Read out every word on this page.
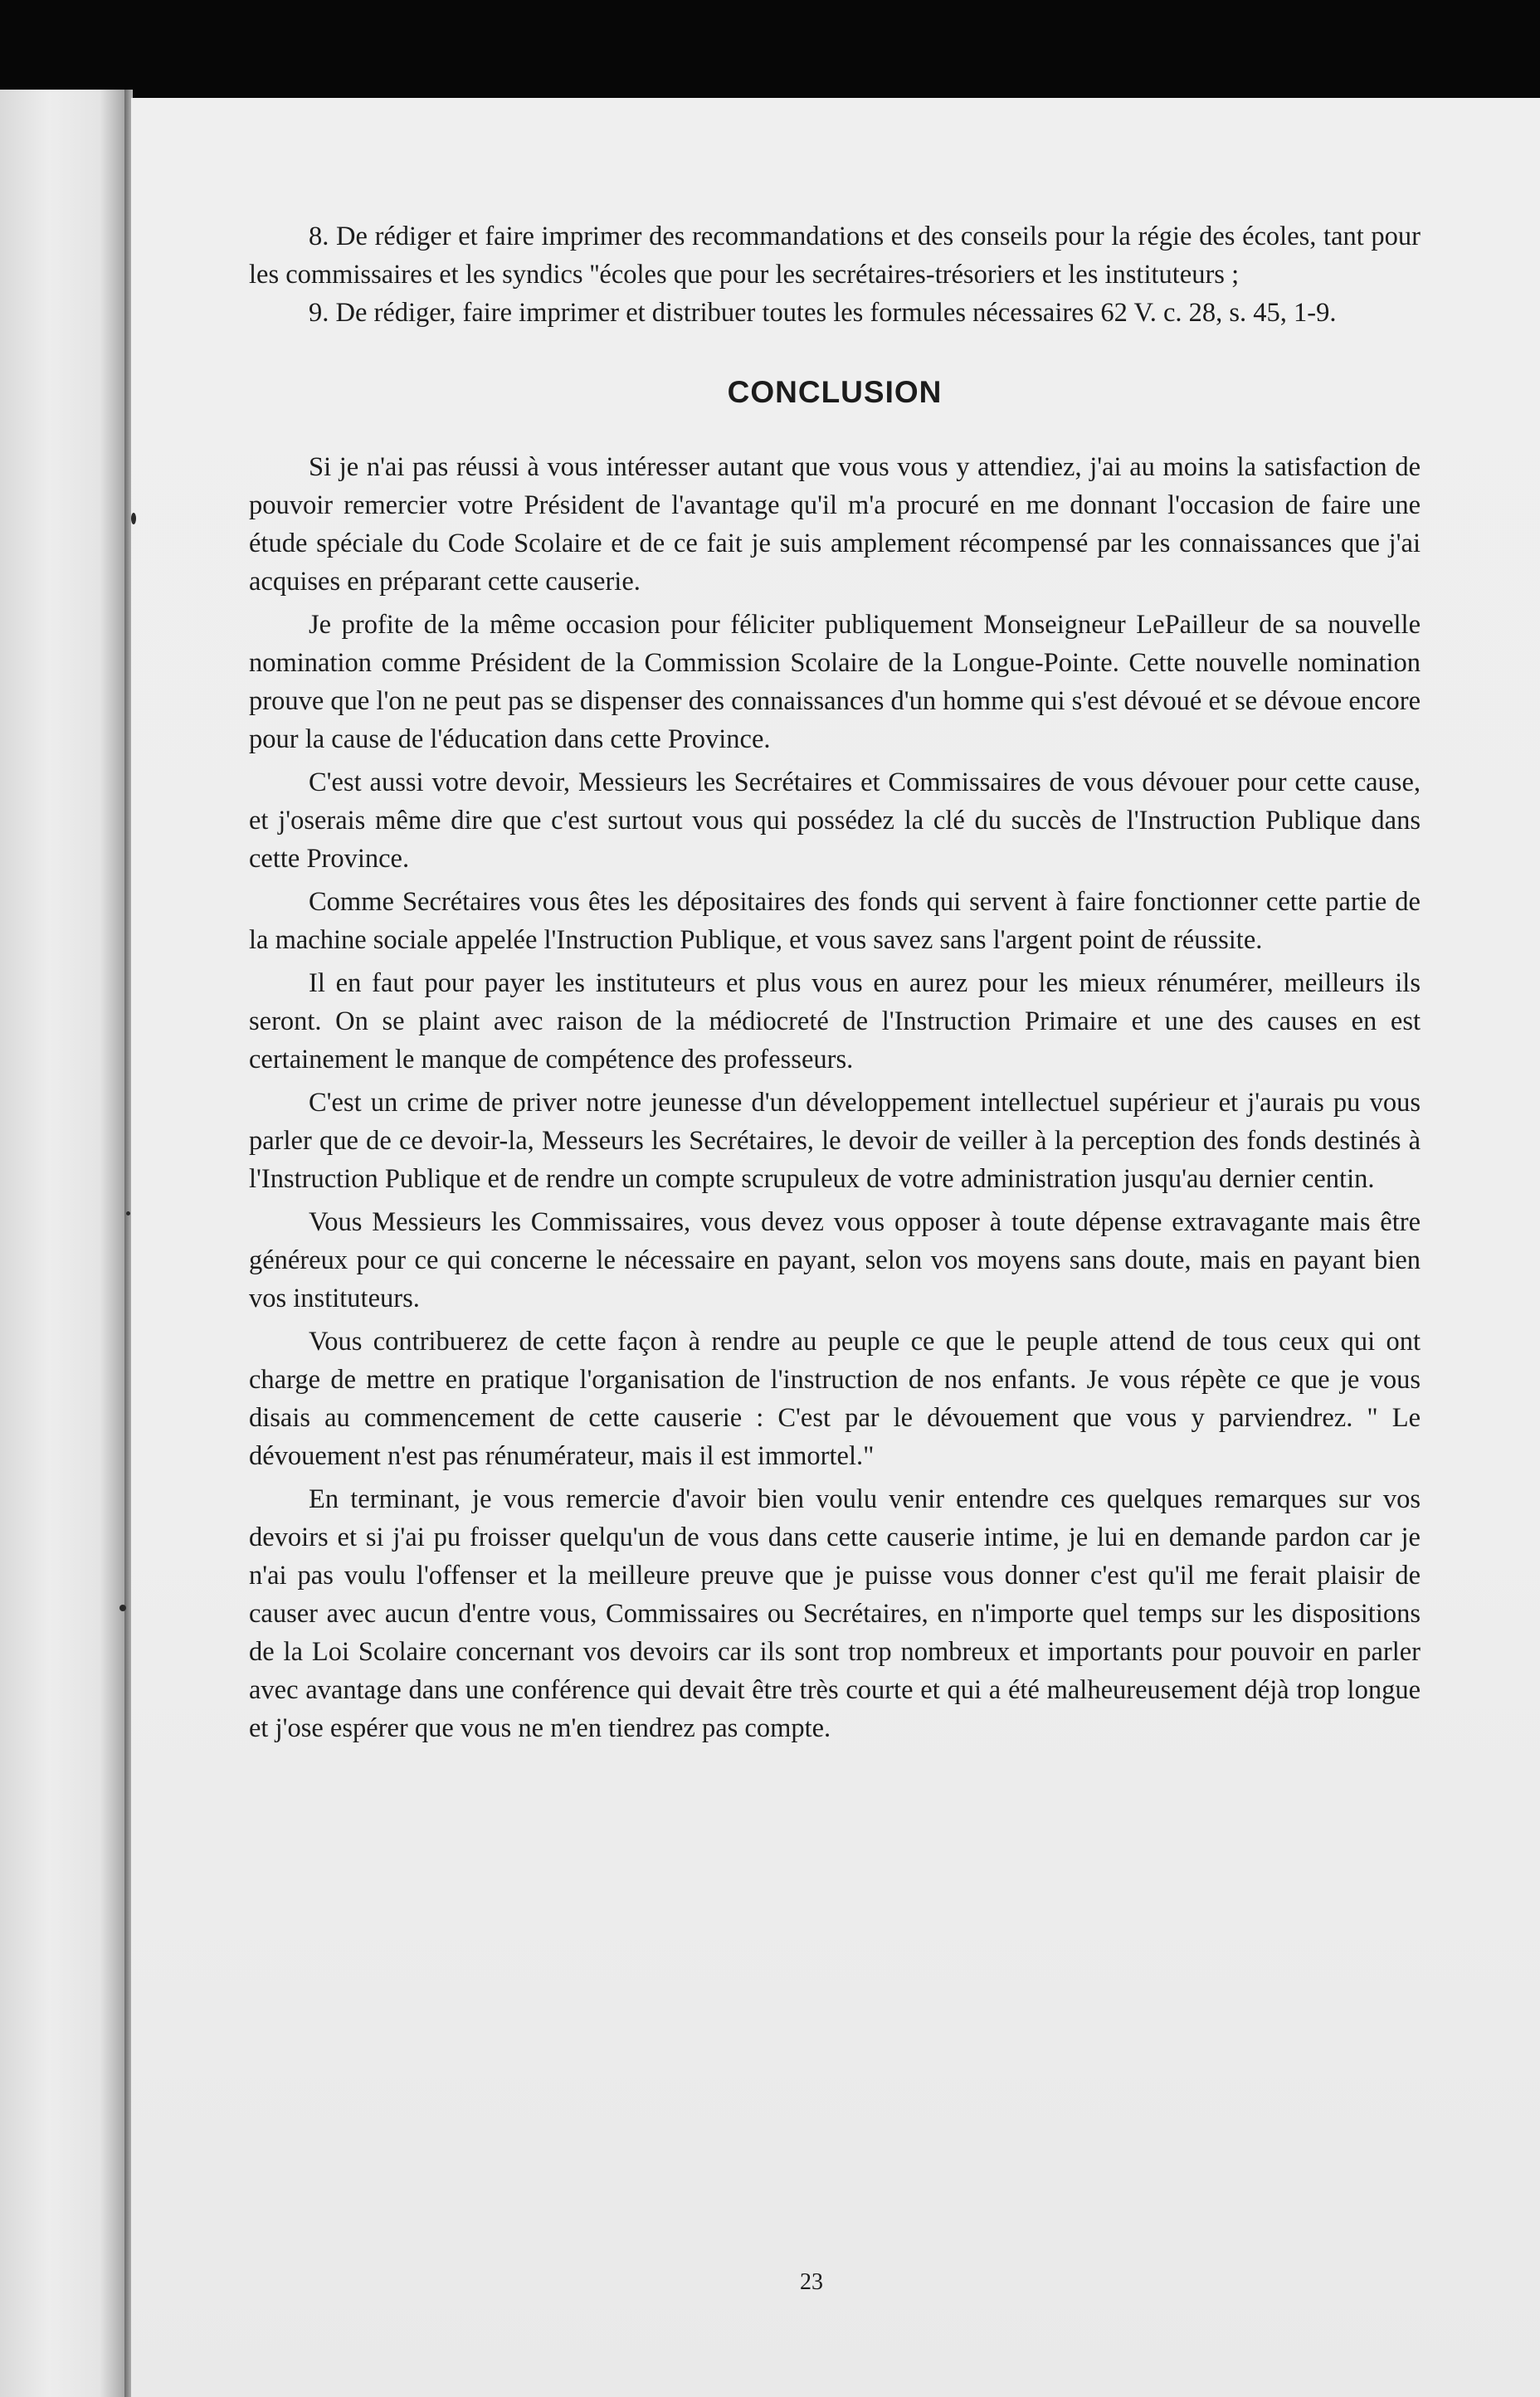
8. De rédiger et faire imprimer des recommandations et des conseils pour la régie des écoles, tant pour les commissaires et les syndics ''écoles que pour les secrétaires-trésoriers et les instituteurs ;

9. De rédiger, faire imprimer et distribuer toutes les formules nécessaires 62 V. c. 28, s. 45, 1-9.

CONCLUSION

Si je n'ai pas réussi à vous intéresser autant que vous vous y attendiez, j'ai au moins la satisfaction de pouvoir remercier votre Président de l'avantage qu'il m'a procuré en me donnant l'occasion de faire une étude spéciale du Code Scolaire et de ce fait je suis amplement récompensé par les connaissances que j'ai acquises en préparant cette causerie.

Je profite de la même occasion pour féliciter publiquement Monseigneur LePailleur de sa nouvelle nomination comme Président de la Commission Scolaire de la Longue-Pointe. Cette nouvelle nomination prouve que l'on ne peut pas se dispenser des connaissances d'un homme qui s'est dévoué et se dévoue encore pour la cause de l'éducation dans cette Province.

C'est aussi votre devoir, Messieurs les Secrétaires et Commissaires de vous dévouer pour cette cause, et j'oserais même dire que c'est surtout vous qui possédez la clé du succès de l'Instruction Publique dans cette Province.

Comme Secrétaires vous êtes les dépositaires des fonds qui servent à faire fonctionner cette partie de la machine sociale appelée l'Instruction Publique, et vous savez sans l'argent point de réussite.

Il en faut pour payer les instituteurs et plus vous en aurez pour les mieux rénumérer, meilleurs ils seront. On se plaint avec raison de la médiocreté de l'Instruction Primaire et une des causes en est certainement le manque de compétence des professeurs.

C'est un crime de priver notre jeunesse d'un développement intellectuel supérieur et j'aurais pu vous parler que de ce devoir-la, Messeurs les Secrétaires, le devoir de veiller à la perception des fonds destinés à l'Instruction Publique et de rendre un compte scrupuleux de votre administration jusqu'au dernier centin.

Vous Messieurs les Commissaires, vous devez vous opposer à toute dépense extravagante mais être généreux pour ce qui concerne le nécessaire en payant, selon vos moyens sans doute, mais en payant bien vos instituteurs.

Vous contribuerez de cette façon à rendre au peuple ce que le peuple attend de tous ceux qui ont charge de mettre en pratique l'organisation de l'instruction de nos enfants. Je vous répète ce que je vous disais au commencement de cette causerie : C'est par le dévouement que vous y parviendrez. " Le dévouement n'est pas rénumérateur, mais il est immortel."

En terminant, je vous remercie d'avoir bien voulu venir entendre ces quelques remarques sur vos devoirs et si j'ai pu froisser quelqu'un de vous dans cette causerie intime, je lui en demande pardon car je n'ai pas voulu l'offenser et la meilleure preuve que je puisse vous donner c'est qu'il me ferait plaisir de causer avec aucun d'entre vous, Commissaires ou Secrétaires, en n'importe quel temps sur les dispositions de la Loi Scolaire concernant vos devoirs car ils sont trop nombreux et importants pour pouvoir en parler avec avantage dans une conférence qui devait être très courte et qui a été malheureusement déjà trop longue et j'ose espérer que vous ne m'en tiendrez pas compte.

23
